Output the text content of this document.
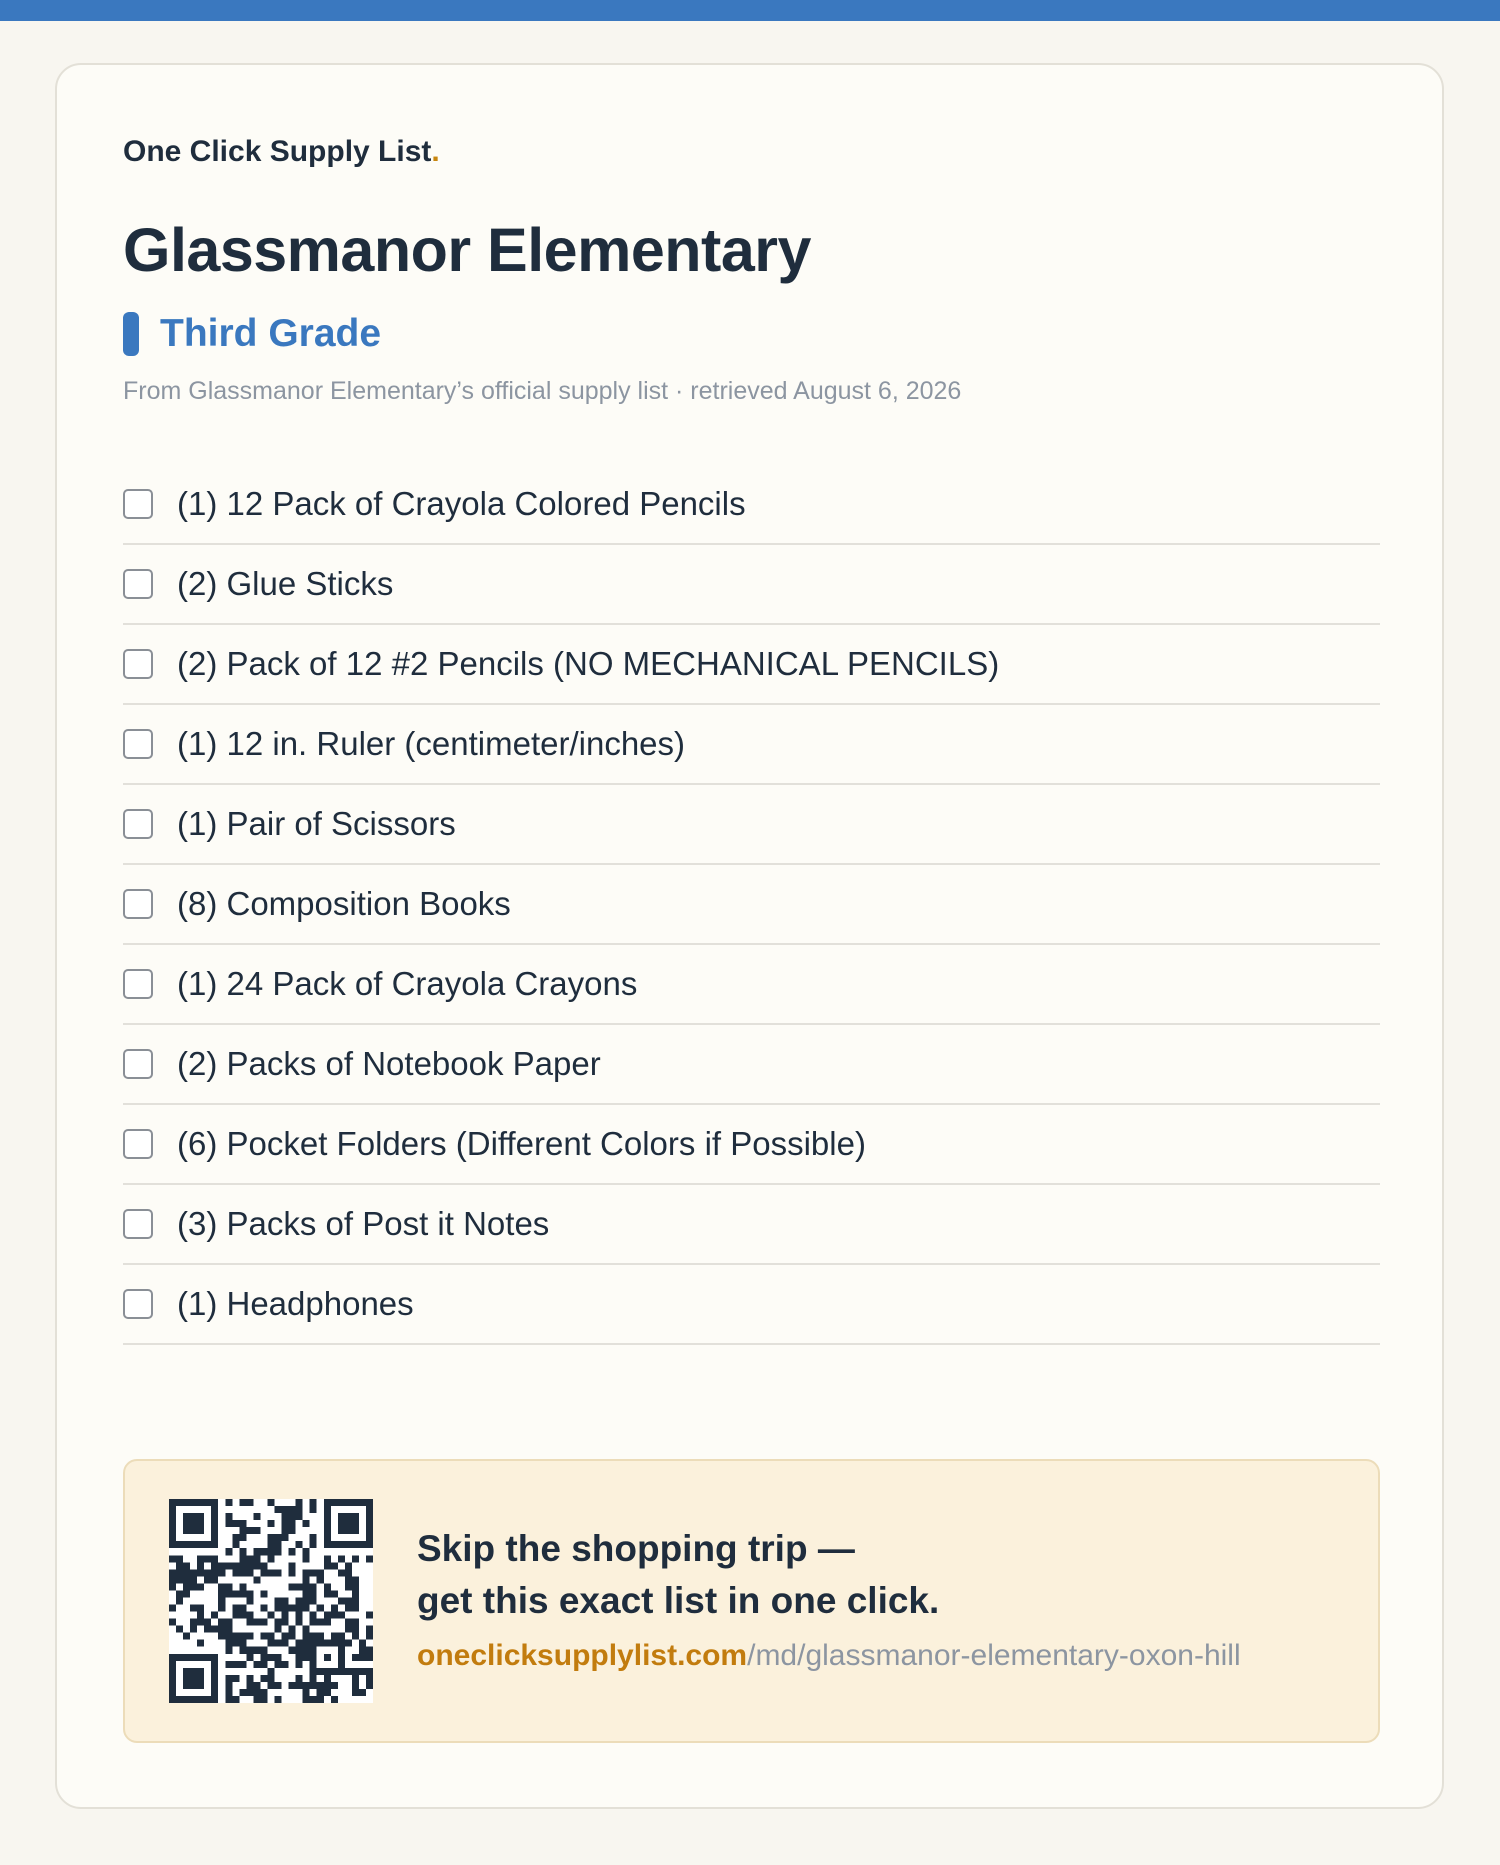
One Click Supply List.
Glassmanor Elementary
Third Grade
From Glassmanor Elementary’s official supply list · retrieved August 6, 2026
(1) 12 Pack of Crayola Colored Pencils
(2) Glue Sticks
(2) Pack of 12 #2 Pencils (NO MECHANICAL PENCILS)
(1) 12 in. Ruler (centimeter/inches)
(1) Pair of Scissors
(8) Composition Books
(1) 24 Pack of Crayola Crayons
(2) Packs of Notebook Paper
(6) Pocket Folders (Different Colors if Possible)
(3) Packs of Post it Notes
(1) Headphones
Skip the shopping trip —
get this exact list in one click.
oneclicksupplylist.com/md/glassmanor-elementary-oxon-hill
